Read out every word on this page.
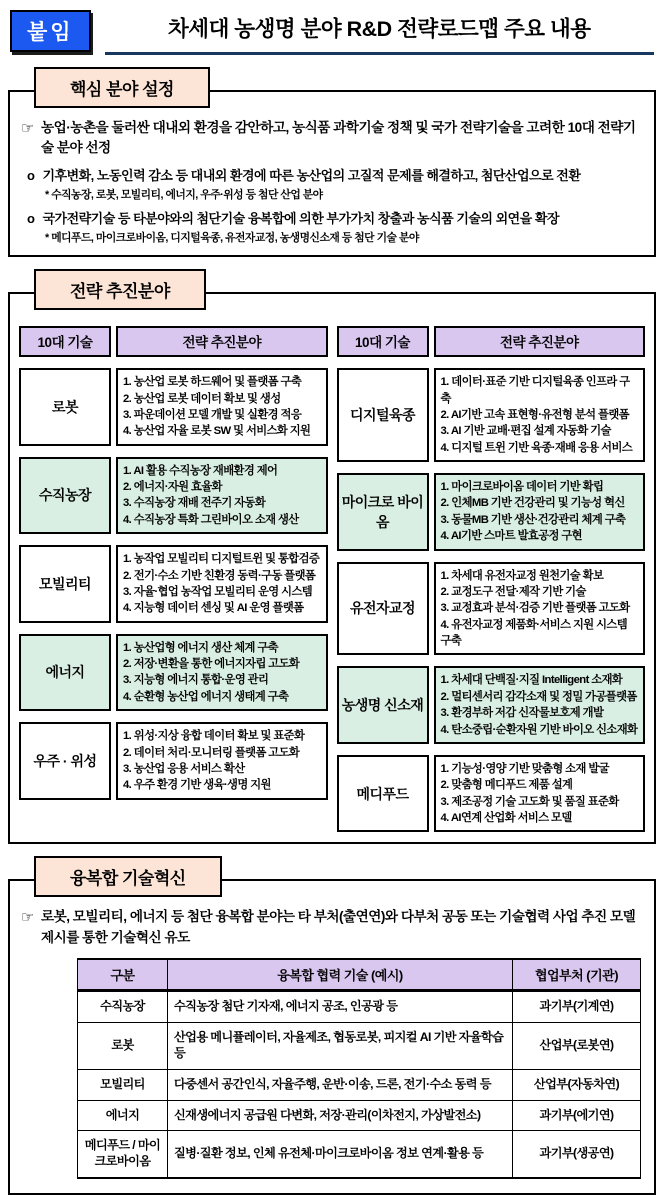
붙임	차세대 농생명 분야 R&D 전략로드맵 주요 내용
핵심 분야 설정
☞ 농업·농촌을 둘러싼 대내외 환경을 감안하고, 농식품 과학기술 정책 및 국가 전략기술을 고려한 10대 전략기술 분야 선정
o 기후변화, 노동인력 감소 등 대내외 환경에 따른 농산업의 고질적 문제를 해결하고, 첨단산업으로 전환
* 수직농장, 로봇, 모빌리티, 에너지, 우주·위성 등 첨단 산업 분야
o 국가전략기술 등 타분야와의 첨단기술 융복합에 의한 부가가치 창출과 농식품 기술의 외연을 확장
* 메디푸드, 마이크로바이옴, 디지털육종, 유전자교정, 농생명신소재 등 첨단 기술 분야
전략 추진분야
10대 기술	전략 추진분야
로봇
1. 농산업 로봇 하드웨어 및 플랫폼 구축
2. 농산업 로봇 데이터 확보 및 생성
3. 파운데이션 모델 개발 및 실환경 적응
4. 농산업 자율 로봇 SW 및 서비스화 지원
수직농장
1. AI 활용 수직농장 재배환경 제어
2. 에너지·자원 효율화
3. 수직농장 재배 전주기 자동화
4. 수직농장 특화 그린바이오 소재 생산
모빌리티
1. 농작업 모빌리티 디지털트윈 및 통합검증
2. 전기·수소 기반 친환경 동력·구동 플랫폼
3. 자율·협업 농작업 모빌리티 운영 시스템
4. 지능형 데이터 센싱 및 AI 운영 플랫폼
에너지
1. 농산업형 에너지 생산 체계 구축
2. 저장·변환을 통한 에너지자립 고도화
3. 지능형 에너지 통합·운영 관리
4. 순환형 농산업 에너지 생태계 구축
우주 · 위성
1. 위성·지상 융합 데이터 확보 및 표준화
2. 데이터 처리·모니터링 플랫폼 고도화
3. 농산업 응용 서비스 확산
4. 우주 환경 기반 생육·생명 지원
10대 기술	전략 추진분야
디지털육종
1. 데이터·표준 기반 디지털육종 인프라 구축
2. AI기반 고속 표현형·유전형 분석 플랫폼
3. AI 기반 교배·편집 설계 자동화 기술
4. 디지털 트윈 기반 육종·재배 응용 서비스
마이크로 바이옴
1. 마이크로바이옴 데이터 기반 확립
2. 인체MB 기반 건강관리 및 기능성 혁신
3. 동물MB 기반 생산·건강관리 체계 구축
4. AI기반 스마트 발효공정 구현
유전자교정
1. 차세대 유전자교정 원천기술 확보
2. 교정도구 전달·제작 기반 기술
3. 교정효과 분석·검증 기반 플랫폼 고도화
4. 유전자교정 제품화·서비스 지원 시스템 구축
농생명 신소재
1. 차세대 단백질·지질 Intelligent 소재화
2. 멀티센서리 감각소재 및 정밀 가공플랫폼
3. 환경부하 저감 신작물보호제 개발
4. 탄소중립·순환자원 기반 바이오 신소재화
메디푸드
1. 기능성·영양 기반 맞춤형 소재 발굴
2. 맞춤형 메디푸드 제품 설계
3. 제조공정 기술 고도화 및 품질 표준화
4. AI연계 산업화 서비스 모델
융복합 기술혁신
☞ 로봇, 모빌리티, 에너지 등 첨단 융복합 분야는 타 부처(출연연)와 다부처 공동 또는 기술협력 사업 추진 모델 제시를 통한 기술혁신 유도
구분	융복합 협력 기술 (예시)	협업부처 (기관)
수직농장	수직농장 첨단 기자재, 에너지 공조, 인공광 등	과기부(기계연)
로봇	산업용 메니퓰레이터, 자율제조, 협동로봇, 피지컬 AI 기반 자율학습 등	산업부(로봇연)
모빌리티	다중센서 공간인식, 자율주행, 운반·이송, 드론, 전기·수소 동력 등	산업부(자동차연)
에너지	신재생에너지 공급원 다변화, 저장·관리(이차전지, 가상발전소)	과기부(에기연)
메디푸드 / 마이크로바이옴	질병·질환 정보, 인체 유전체·마이크로바이옴 정보 연계·활용 등	과기부(생공연)
